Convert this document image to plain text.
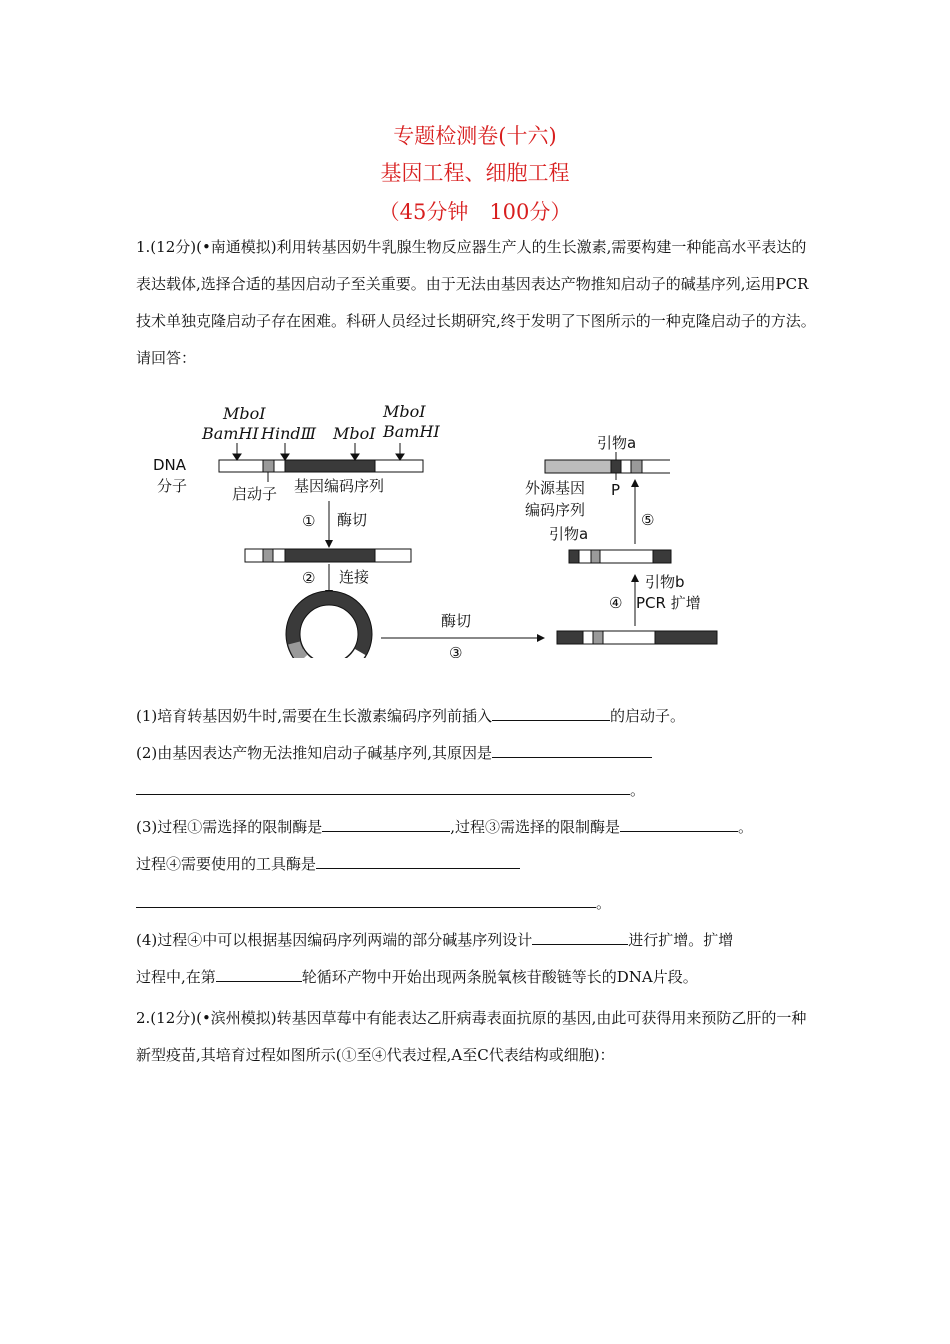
专题检测卷(十六)
基因工程、细胞工程
（45分钟　100分）
1.(12分)(•南通模拟)利用转基因奶牛乳腺生物反应器生产人的生长激素,需要构建一种能高水平表达的表达载体,选择合适的基因启动子至关重要。由于无法由基因表达产物推知启动子的碱基序列,运用PCR技术单独克隆启动子存在困难。科研人员经过长期研究,终于发明了下图所示的一种克隆启动子的方法。请回答：
MboⅠ
BamHⅠ HindⅢ MboⅠ
MboⅠ
BamHⅠ
DNA
分子	启动子 基因编码序列
① 酶切
② 连接
酶切
③
引物b
④ PCR 扩增
引物a
外源基因
编码序列
⑤
引物a
P
(1)培育转基因奶牛时,需要在生长激素编码序列前插入	的启动子。
(2)由基因表达产物无法推知启动子碱基序列,其原因是
。
(3)过程①需选择的限制酶是	,过程③需选择的限制酶是	。
过程④需要使用的工具酶是
。
(4)过程④中可以根据基因编码序列两端的部分碱基序列设计	进行扩增。扩增
过程中,在第	轮循环产物中开始出现两条脱氧核苷酸链等长的DNA片段。
2.(12分)(•滨州模拟)转基因草莓中有能表达乙肝病毒表面抗原的基因,由此可获得用来预防乙肝的一种新型疫苗,其培育过程如图所示(①至④代表过程,A至C代表结构或细胞)：
